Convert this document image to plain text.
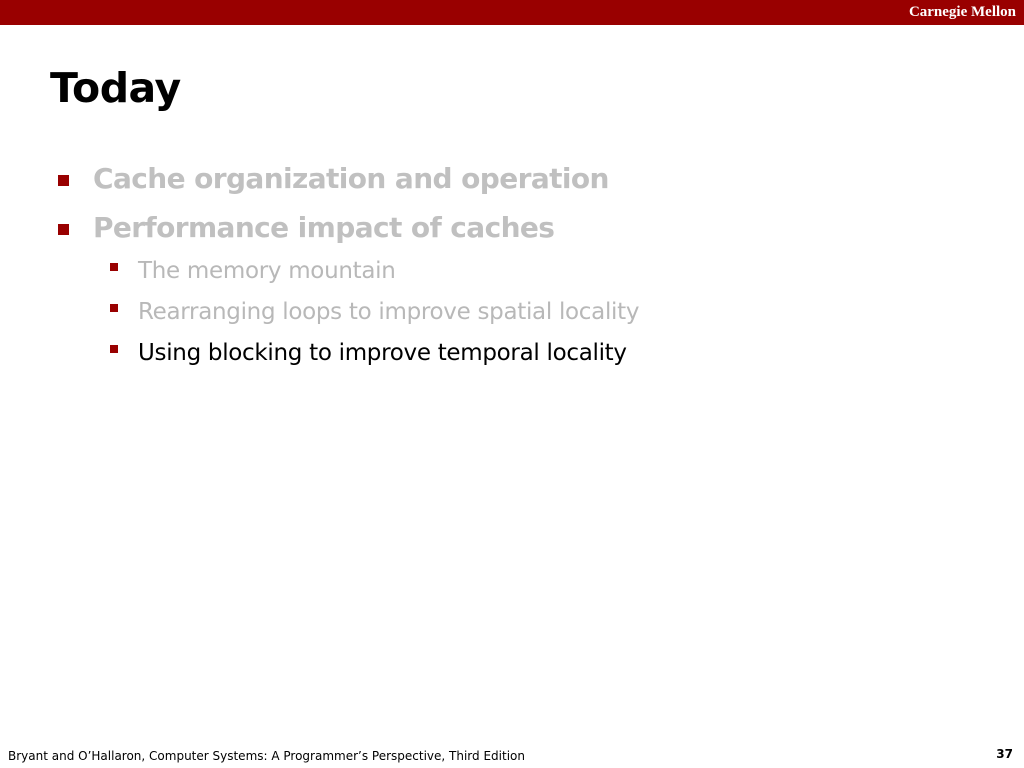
Carnegie Mellon
Today
Cache organization and operation
Performance impact of caches
The memory mountain
Rearranging loops to improve spatial locality
Using blocking to improve temporal locality
Bryant and O’Hallaron, Computer Systems: A Programmer’s Perspective, Third Edition	37
